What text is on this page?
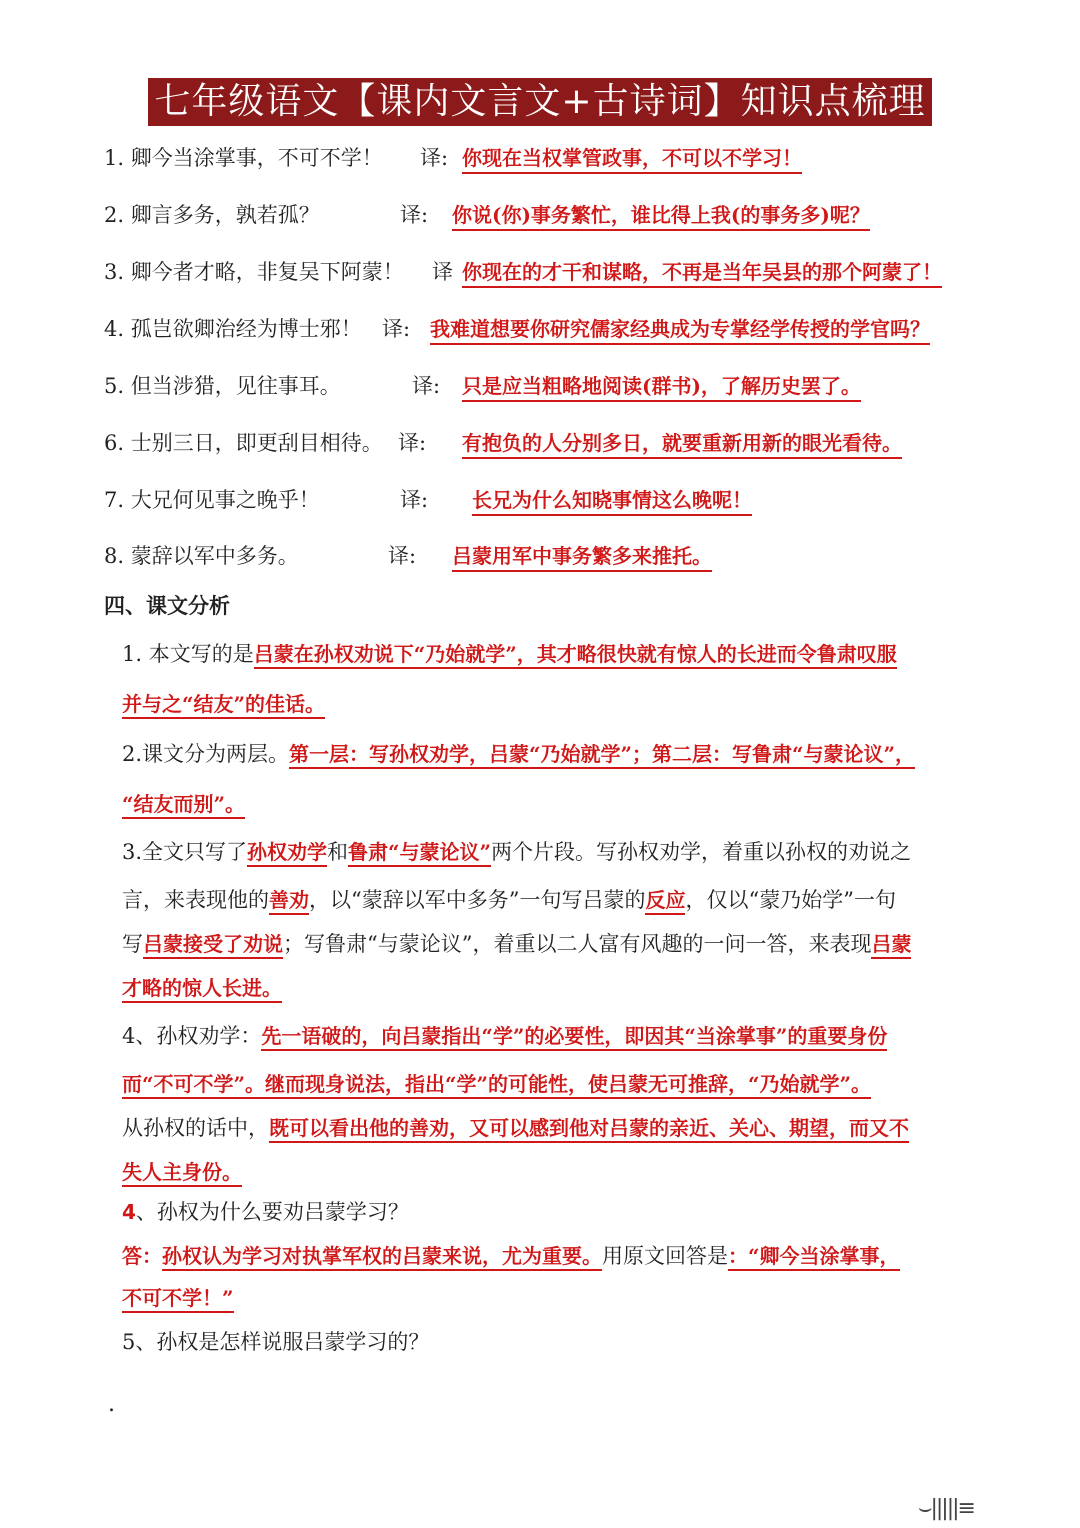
七年级语文【课内文言文+古诗词】知识点梳理
1. 卿今当涂掌事，不可不学！ 译: 你现在当权掌管政事，不可以不学习！
2. 卿言多务，孰若孤？	译: 你说(你)事务繁忙，谁比得上我(的事务多)呢？
3. 卿今者才略，非复吴下阿蒙！ 译 你现在的才干和谋略，不再是当年吴县的那个阿蒙了！
4. 孤岂欲卿治经为博士邪！ 译: 我难道想要你研究儒家经典成为专掌经学传授的学官吗？
5. 但当涉猎，见往事耳。	译: 只是应当粗略地阅读(群书)，了解历史罢了。
6. 士别三日，即更刮目相待。 译: 有抱负的人分别多日，就要重新用新的眼光看待。
7. 大兄何见事之晚乎！	译: 长兄为什么知晓事情这么晚呢！
8. 蒙辞以军中多务。	译: 吕蒙用军中事务繁多来推托。
四、课文分析
1. 本文写的是吕蒙在孙权劝说下“乃始就学”，其才略很快就有惊人的长进而令鲁肃叹服
并与之“结友”的佳话。
2.课文分为两层。第一层：写孙权劝学，吕蒙“乃始就学”；第二层：写鲁肃“与蒙论议”，
“结友而别”。
3.全文只写了孙权劝学和鲁肃“与蒙论议”两个片段。写孙权劝学，着重以孙权的劝说之
言，来表现他的善劝，以“蒙辞以军中多务”一句写吕蒙的反应，仅以“蒙乃始学”一句
写吕蒙接受了劝说；写鲁肃“与蒙论议”，着重以二人富有风趣的一问一答，来表现吕蒙
才略的惊人长进。
4、孙权劝学：先一语破的，向吕蒙指出“学”的必要性，即因其“当涂掌事”的重要身份
而“不可不学”。继而现身说法，指出“学”的可能性，使吕蒙无可推辞，“乃始就学”。
从孙权的话中，既可以看出他的善劝，又可以感到他对吕蒙的亲近、关心、期望，而又不
失人主身份。
4、孙权为什么要劝吕蒙学习？
答：孙权认为学习对执掌军权的吕蒙来说，尤为重要。用原文回答是：“卿今当涂掌事，
不可不学！”
5、孙权是怎样说服吕蒙学习的？
.
⌣|||||≡
